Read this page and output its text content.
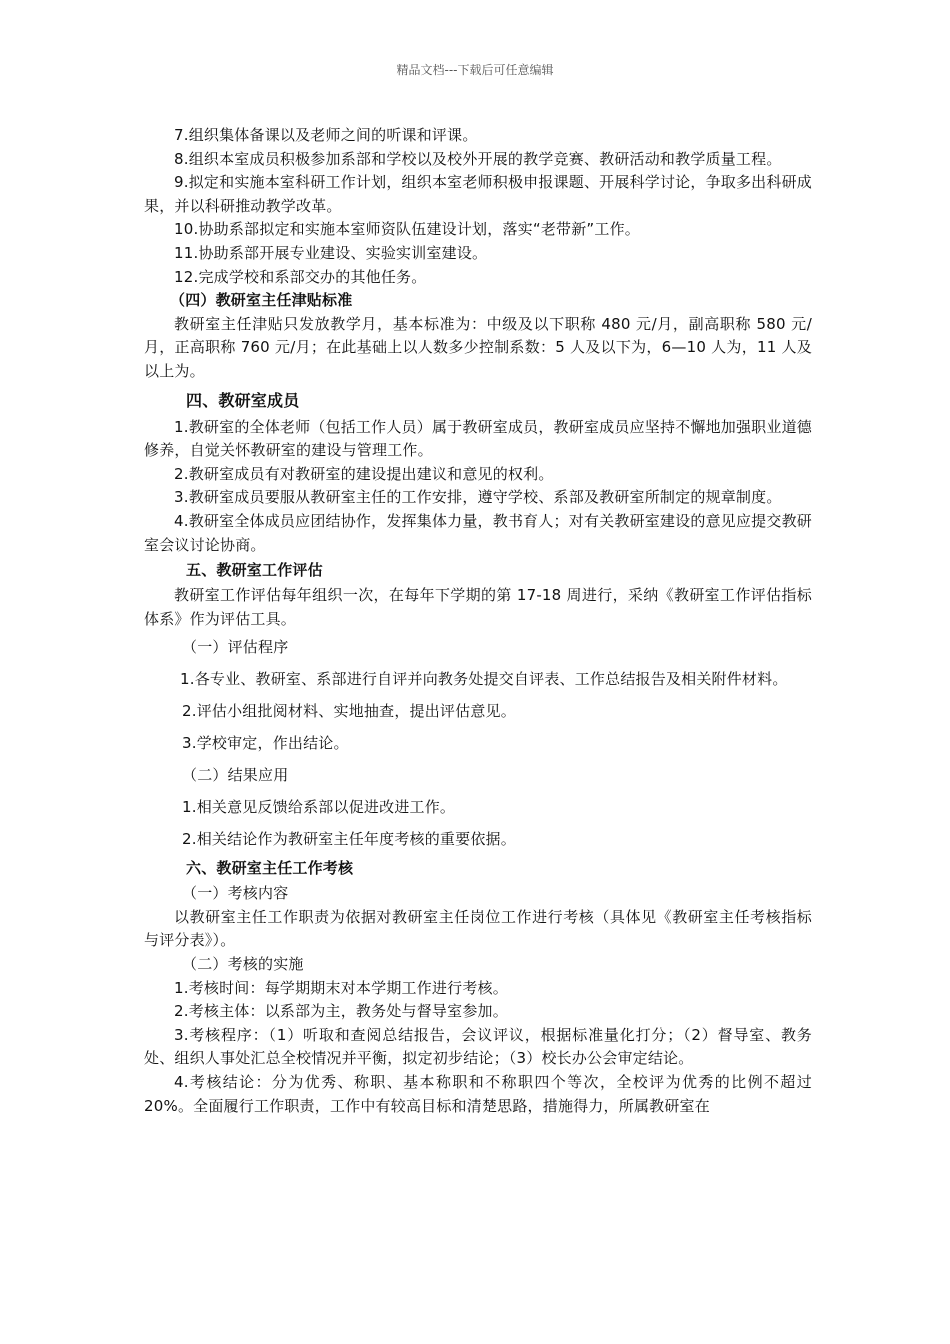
精品文档---下载后可任意编辑

7.组织集体备课以及老师之间的听课和评课。

8.组织本室成员积极参加系部和学校以及校外开展的教学竞赛、教研活动和教学质量工程。

9.拟定和实施本室科研工作计划，组织本室老师积极申报课题、开展科学讨论，争取多出科研成果，并以科研推动教学改革。

10.协助系部拟定和实施本室师资队伍建设计划，落实“老带新”工作。

11.协助系部开展专业建设、实验实训室建设。

12.完成学校和系部交办的其他任务。

（四）教研室主任津贴标准

教研室主任津贴只发放教学月，基本标准为：中级及以下职称 480 元/月，副高职称 580 元/月，正高职称 760 元/月；在此基础上以人数多少控制系数：5 人及以下为，6—10 人为，11 人及以上为。

四、教研室成员

1.教研室的全体老师（包括工作人员）属于教研室成员，教研室成员应坚持不懈地加强职业道德修养，自觉关怀教研室的建设与管理工作。

2.教研室成员有对教研室的建设提出建议和意见的权利。

3.教研室成员要服从教研室主任的工作安排，遵守学校、系部及教研室所制定的规章制度。

4.教研室全体成员应团结协作，发挥集体力量，教书育人；对有关教研室建设的意见应提交教研室会议讨论协商。

五、教研室工作评估

教研室工作评估每年组织一次，在每年下学期的第 17-18 周进行，采纳《教研室工作评估指标体系》作为评估工具。

（一）评估程序

1.各专业、教研室、系部进行自评并向教务处提交自评表、工作总结报告及相关附件材料。

2.评估小组批阅材料、实地抽查，提出评估意见。

3.学校审定，作出结论。

（二）结果应用

1.相关意见反馈给系部以促进改进工作。

2.相关结论作为教研室主任年度考核的重要依据。

六、教研室主任工作考核

（一）考核内容

以教研室主任工作职责为依据对教研室主任岗位工作进行考核（具体见《教研室主任考核指标与评分表》）。

（二）考核的实施

1.考核时间：每学期期末对本学期工作进行考核。

2.考核主体：以系部为主，教务处与督导室参加。

3.考核程序：（1）听取和查阅总结报告，会议评议，根据标准量化打分；（2）督导室、教务处、组织人事处汇总全校情况并平衡，拟定初步结论；（3）校长办公会审定结论。

4.考核结论：分为优秀、称职、基本称职和不称职四个等次，全校评为优秀的比例不超过 20%。全面履行工作职责，工作中有较高目标和清楚思路，措施得力，所属教研室在
